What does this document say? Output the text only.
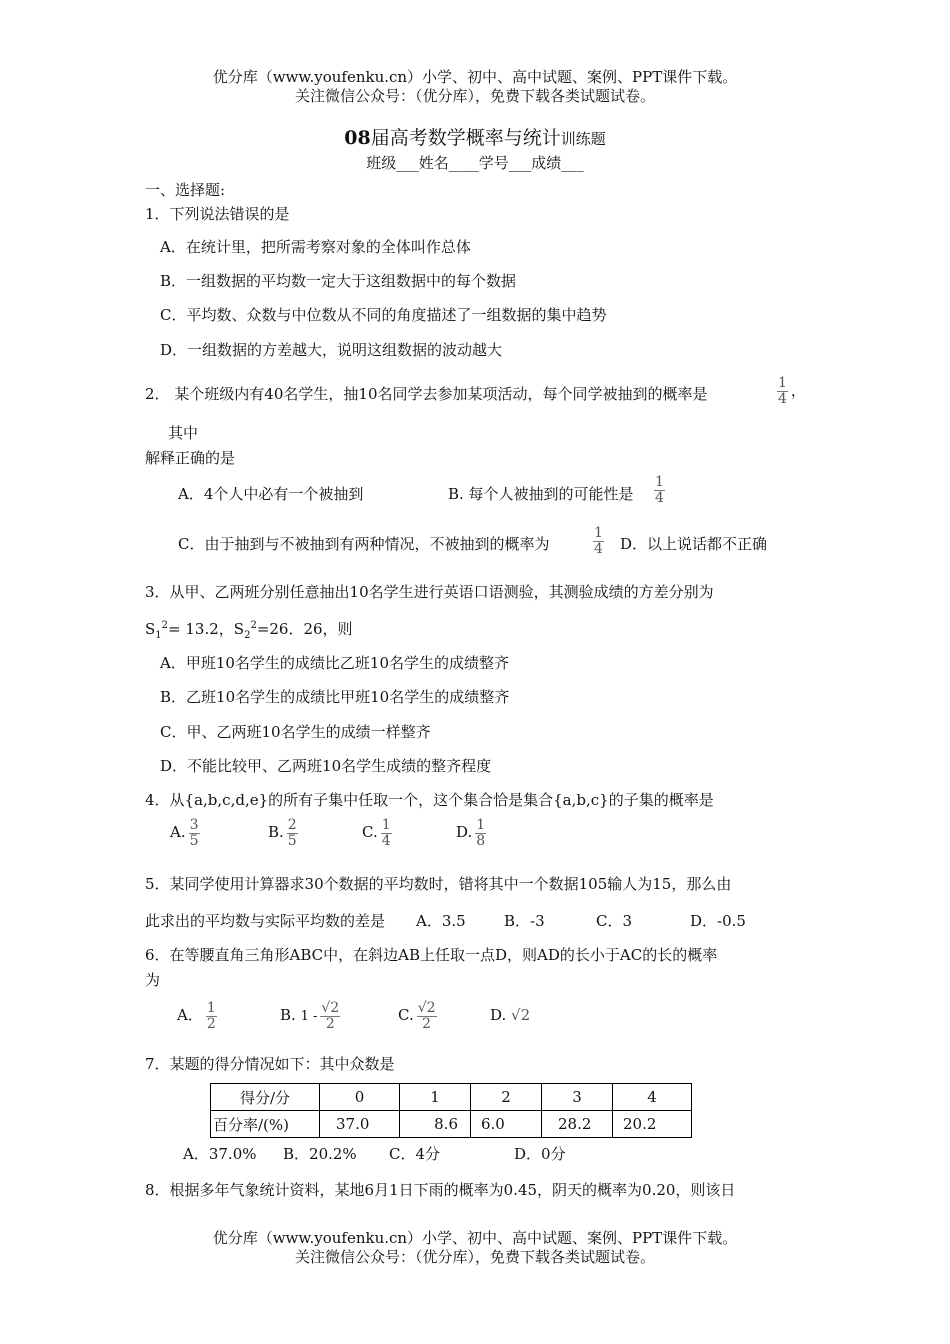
优分库（www.youfenku.cn）小学、初中、高中试题、案例、PPT课件下载。
关注微信公众号：（优分库），免费下载各类试题试卷。
08届高考数学概率与统计训练题
班级___姓名____学号___成绩___
一、选择题:
1．下列说法错误的是
A．在统计里，把所需考察对象的全体叫作总体
B．一组数据的平均数一定大于这组数据中的每个数据
C．平均数、众数与中位数从不同的角度描述了一组数据的集中趋势
D．一组数据的方差越大，说明这组数据的波动越大
2． 某个班级内有40名学生，抽10名同学去参加某项活动，每个同学被抽到的概率是	$\frac{1}{4}$ ，
其中
解释正确的是
A．4个人中必有一个被抽到	B. 每个人被抽到的可能性是 $\frac{1}{4}$
C．由于抽到与不被抽到有两种情况，不被抽到的概率为	$\frac{1}{4}$ D．以上说话都不正确
3．从甲、乙两班分别任意抽出10名学生进行英语口语测验，其测验成绩的方差分别为
$S_1^2= 13.2$，$S_2^2=26$．26，则
A．甲班10名学生的成绩比乙班10名学生的成绩整齐
B．乙班10名学生的成绩比甲班10名学生的成绩整齐
C．甲、乙两班10名学生的成绩一样整齐
D．不能比较甲、乙两班10名学生成绩的整齐程度
4．从{a,b,c,d,e}的所有子集中任取一个，这个集合恰是集合{a,b,c}的子集的概率是
A. $\frac{3}{5}$	B. $\frac{2}{5}$	C. $\frac{1}{4}$	D. $\frac{1}{8}$
5．某同学使用计算器求30个数据的平均数时，错将其中一个数据105输人为15，那么由
此求出的平均数与实际平均数的差是 A．3.5	B．-3	C．3	D．-0.5
6．在等腰直角三角形ABC中，在斜边AB上任取一点D，则AD的长小于AC的长的概率
为
A． $\frac{1}{2}$	B. $1 - \frac{√2}{2}$	C. $\frac{√2}{2}$	D. √2
7．某题的得分情况如下：其中众数是
得分/分	0	1	2	3	4
百分率/(%)	37.0	8.6	6.0	28.2	20.2
A．37.0% B．20.2% C．4分	D．0分
8．根据多年气象统计资料，某地6月1日下雨的概率为0.45，阴天的概率为0.20，则该日
优分库（www.youfenku.cn）小学、初中、高中试题、案例、PPT课件下载。
关注微信公众号：（优分库），免费下载各类试题试卷。
